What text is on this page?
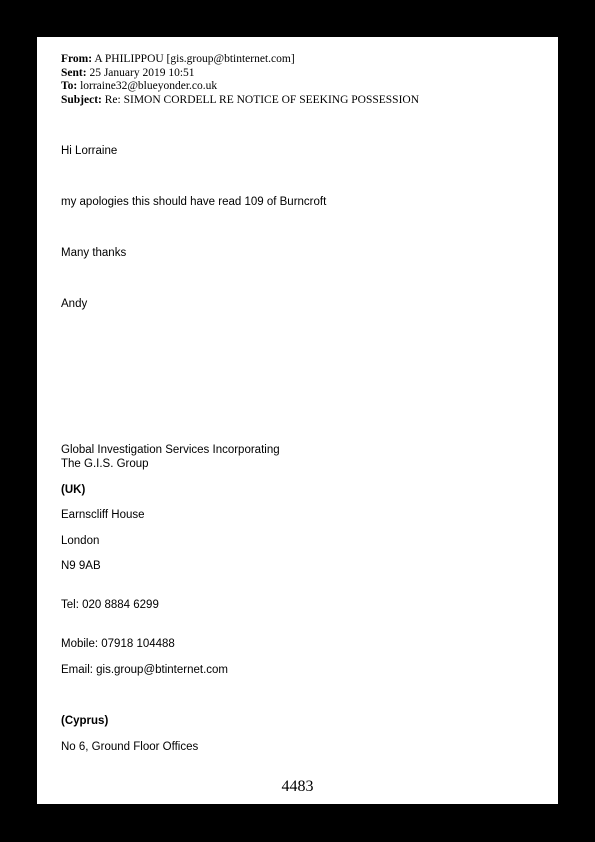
From: A PHILIPPOU [gis.group@btinternet.com]
Sent: 25 January 2019 10:51
To: lorraine32@blueyonder.co.uk
Subject: Re: SIMON CORDELL RE NOTICE OF SEEKING POSSESSION
Hi Lorraine
my apologies this should have read 109 of Burncroft
Many thanks
Andy
Global Investigation Services Incorporating
The G.I.S. Group
(UK)
Earnscliff House
London
N9 9AB
Tel: 020 8884 6299
Mobile: 07918 104488
Email: gis.group@btinternet.com
(Cyprus)
No 6, Ground Floor Offices
4483
